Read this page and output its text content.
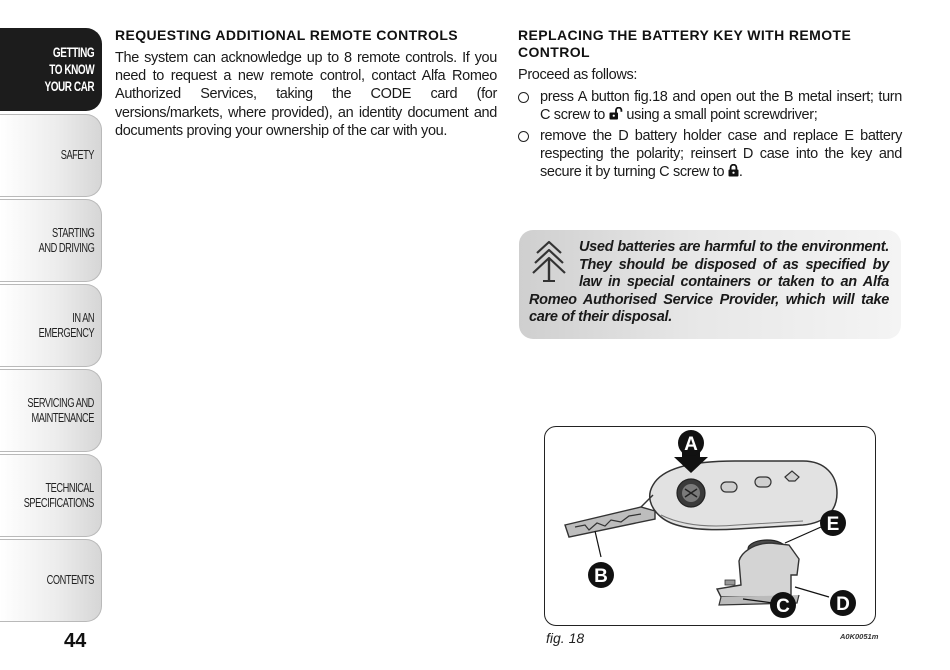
GETTING
TO KNOW
YOUR CAR
SAFETY
STARTING
AND DRIVING
IN AN
EMERGENCY
SERVICING AND
MAINTENANCE
TECHNICAL
SPECIFICATIONS
CONTENTS
44
REQUESTING ADDITIONAL REMOTE CONTROLS

The system can acknowledge up to 8 remote controls. If you need to request a new remote control, contact Alfa Romeo Authorized Services, taking the CODE card (for versions/markets, where provided), an identity document and documents proving your ownership of the car with you.

REPLACING THE BATTERY KEY WITH REMOTE CONTROL

Proceed as follows:

press A button fig.18 and open out the B metal insert; turn C screw to  using a small point screwdriver;
remove the D battery holder case and replace E battery respecting the polarity; reinsert D case into the key and secure it by turning C screw to .
Used batteries are harmful to the environment. They should be disposed of as specified by law in special containers or taken to an Alfa Romeo Authorised Service Provider, which will take care of their disposal.
A
B
C D
E
fig. 18	A0K0051m
